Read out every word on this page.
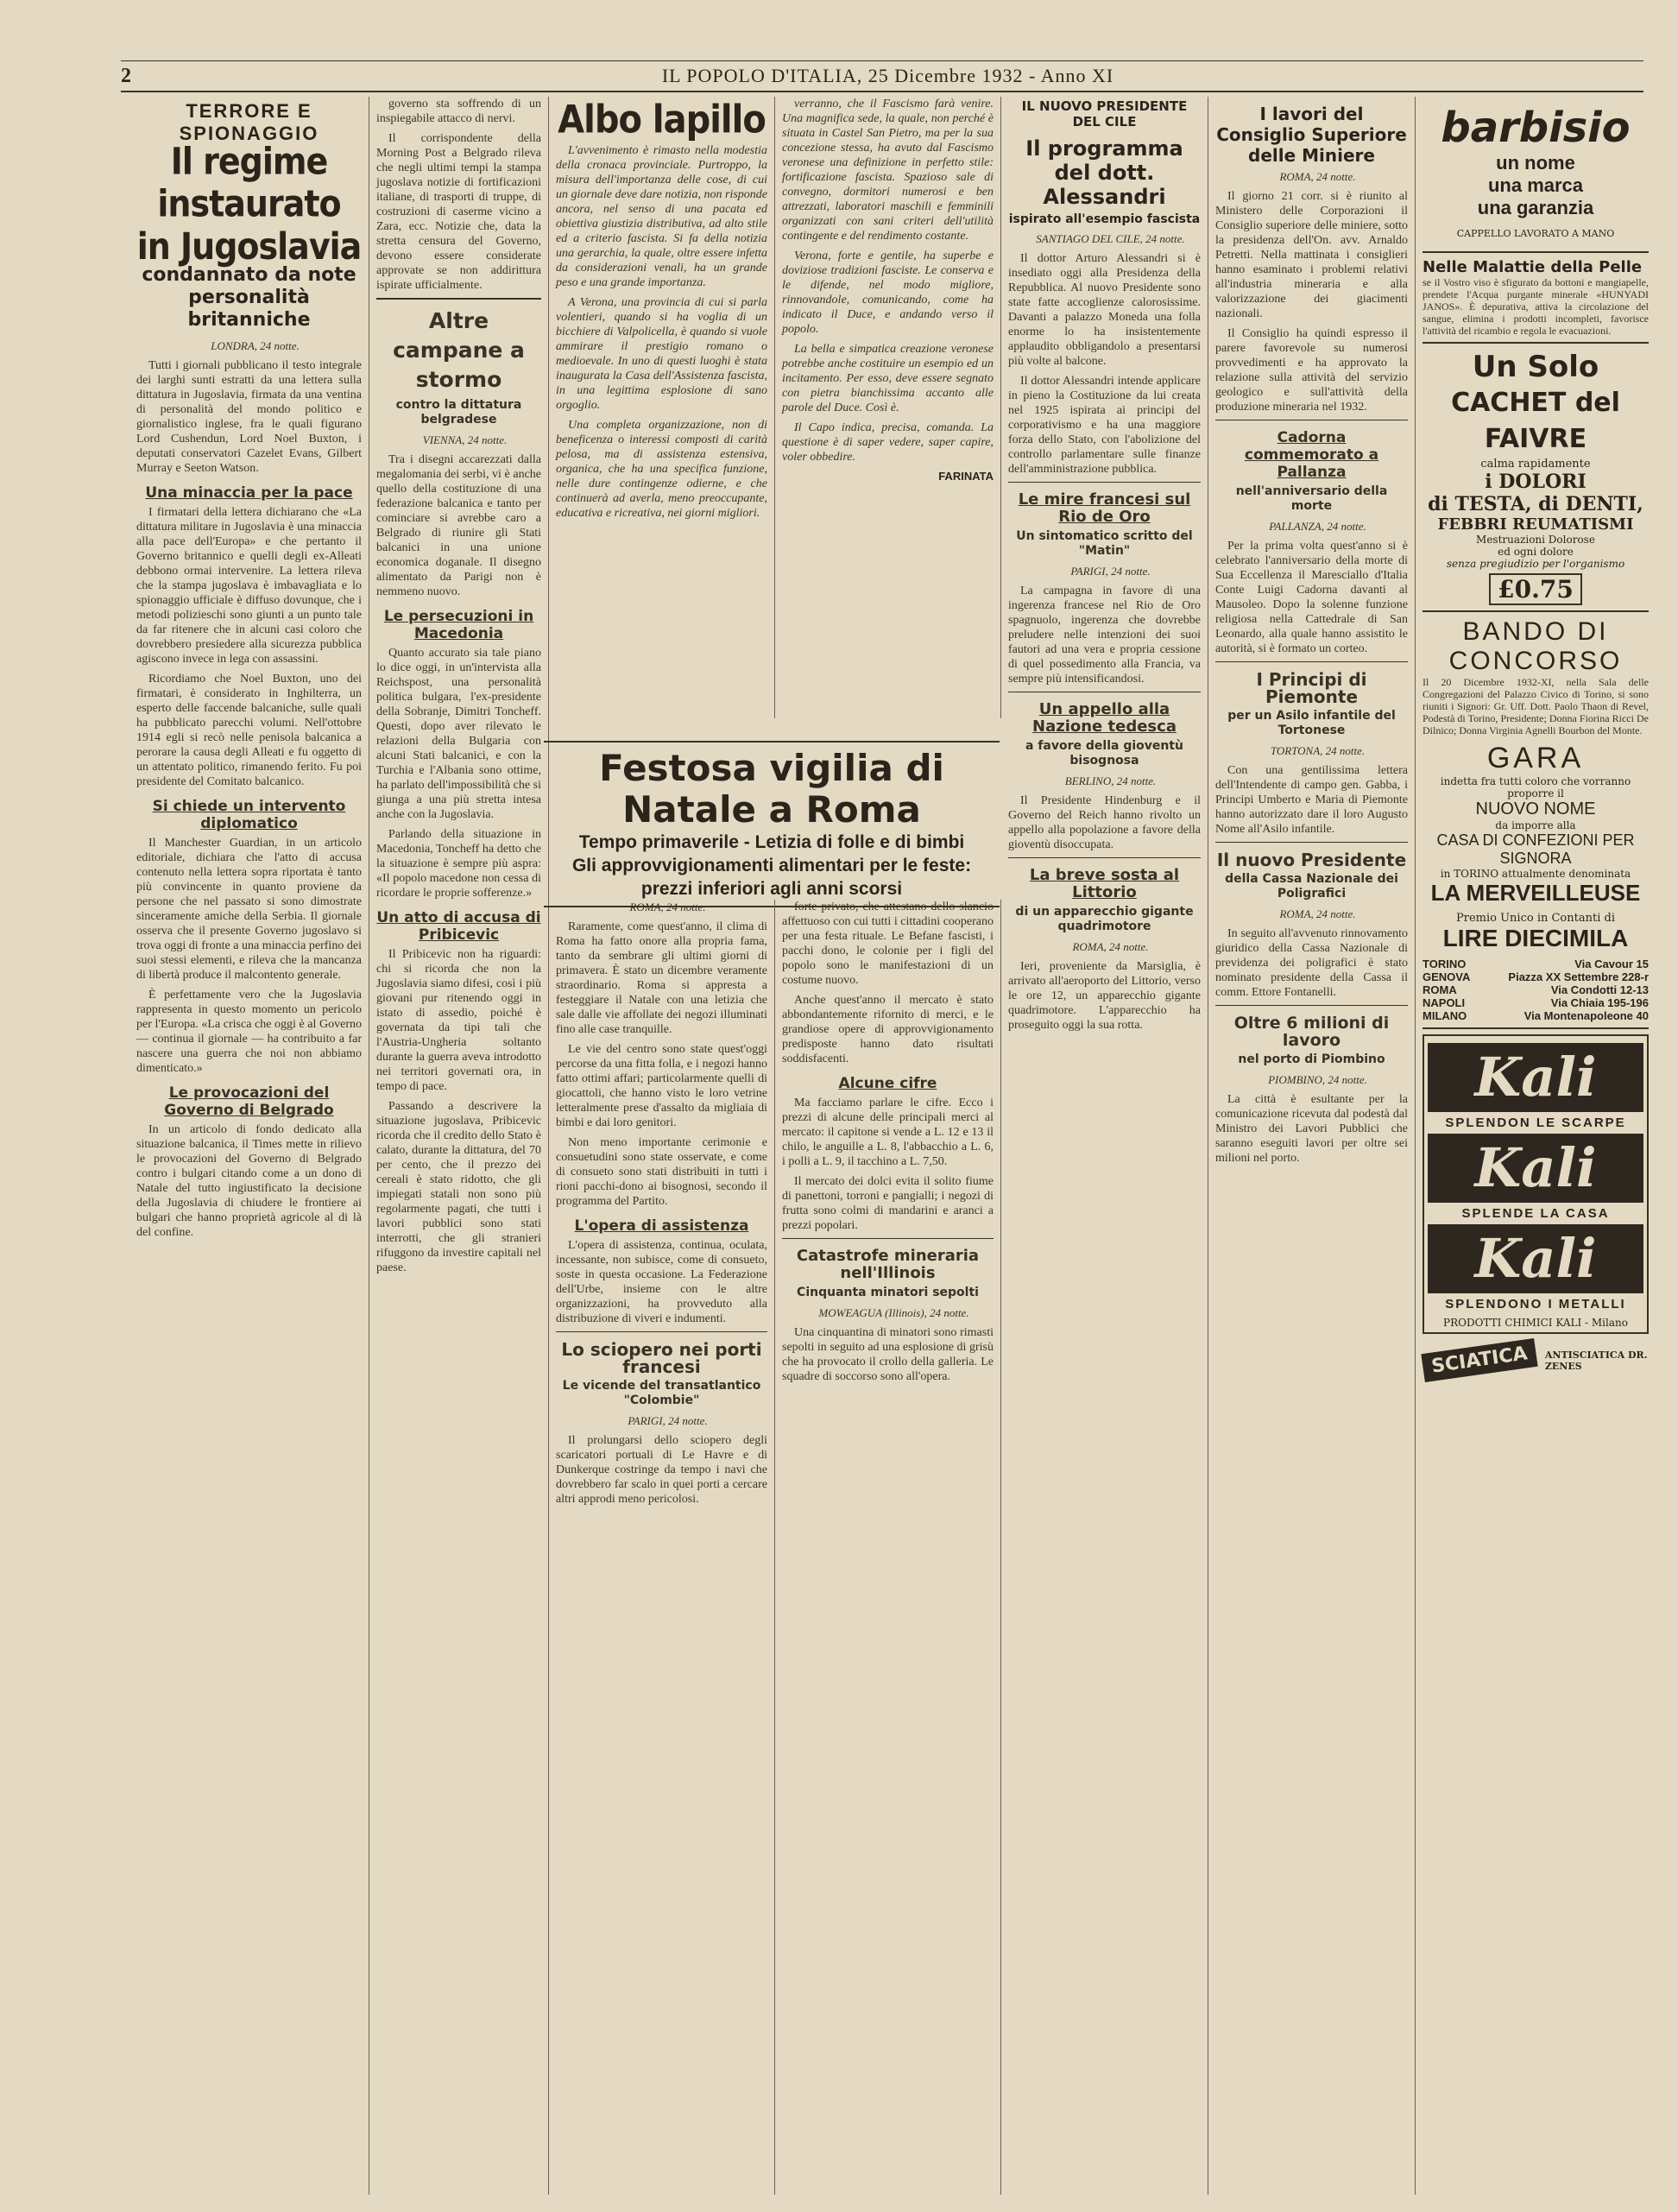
2	IL POPOLO D'ITALIA, 25 Dicembre 1932 - Anno XI
TERRORE E SPIONAGGIO
Il regime instaurato in Jugoslavia
condannato da note personalità britanniche

LONDRA, 24 notte.

Tutti i giornali pubblicano il testo integrale dei larghi sunti estratti da una lettera sulla dittatura in Jugoslavia, firmata da una ventina di personalità del mondo politico e giornalistico inglese, fra le quali figurano Lord Cushendun, Lord Noel Buxton, i deputati conservatori Cazelet Evans, Gilbert Murray e Seeton Watson.

Una minaccia per la pace

I firmatari della lettera dichiarano che «La dittatura militare in Jugoslavia è una minaccia alla pace dell'Europa» e che pertanto il Governo britannico e quelli degli ex-Alleati debbono ormai intervenire. La lettera rileva che la stampa jugoslava è imbavagliata e lo spionaggio ufficiale è diffuso dovunque, che i metodi polizieschi sono giunti a un punto tale da far ritenere che in alcuni casi coloro che dovrebbero presiedere alla sicurezza pubblica agiscono invece in lega con assassini.

Ricordiamo che Noel Buxton, uno dei firmatari, è considerato in Inghilterra, un esperto delle faccende balcaniche, sulle quali ha pubblicato parecchi volumi. Nell'ottobre 1914 egli si recò nelle penisola balcanica a perorare la causa degli Alleati e fu oggetto di un attentato politico, rimanendo ferito. Fu poi presidente del Comitato balcanico.

Si chiede un intervento diplomatico

Il Manchester Guardian, in un articolo editoriale, dichiara che l'atto di accusa contenuto nella lettera sopra riportata è tanto più convincente in quanto proviene da persone che nel passato si sono dimostrate sinceramente amiche della Serbia. Il giornale osserva che il presente Governo jugoslavo si trova oggi di fronte a una minaccia perfino dei suoi stessi elementi, e rileva che la mancanza di libertà produce il malcontento generale.

È perfettamente vero che la Jugoslavia rappresenta in questo momento un pericolo per l'Europa. «La crisca che oggi è al Governo — continua il giornale — ha contribuito a far nascere una guerra che noi non abbiamo dimenticato.»

Le provocazioni del Governo di Belgrado

In un articolo di fondo dedicato alla situazione balcanica, il Times mette in rilievo le provocazioni del Governo di Belgrado contro i bulgari citando come a un dono di Natale del tutto ingiustificato la decisione della Jugoslavia di chiudere le frontiere ai bulgari che hanno proprietà agricole al di là del confine.

governo sta soffrendo di un inspiegabile attacco di nervi.

Il corrispondente della Morning Post a Belgrado rileva che negli ultimi tempi la stampa jugoslava notizie di fortificazioni italiane, di trasporti di truppe, di costruzioni di caserme vicino a Zara, ecc. Notizie che, data la stretta censura del Governo, devono essere considerate approvate se non addirittura ispirate ufficialmente.

Altre campane a stormo
contro la dittatura belgradese

VIENNA, 24 notte.

Tra i disegni accarezzati dalla megalomania dei serbi, vi è anche quello della costituzione di una federazione balcanica e tanto per cominciare si avrebbe caro a Belgrado di riunire gli Stati balcanici in una unione economica doganale. Il disegno alimentato da Parigi non è nemmeno nuovo.

Le persecuzioni in Macedonia

Quanto accurato sia tale piano lo dice oggi, in un'intervista alla Reichspost, una personalità politica bulgara, l'ex-presidente della Sobranje, Dimitri Toncheff. Questi, dopo aver rilevato le relazioni della Bulgaria con alcuni Stati balcanici, e con la Turchia e l'Albania sono ottime, ha parlato dell'impossibilità che si giunga a una più stretta intesa anche con la Jugoslavia.

Parlando della situazione in Macedonia, Toncheff ha detto che la situazione è sempre più aspra: «Il popolo macedone non cessa di ricordare le proprie sofferenze.»

Un atto di accusa di Pribicevic

Il Pribicevic non ha riguardi: chi si ricorda che non la Jugoslavia siamo difesi, così i più giovani pur ritenendo oggi in istato di assedio, poiché è governata da tipi tali che l'Austria-Ungheria soltanto durante la guerra aveva introdotto nei territori governati ora, in tempo di pace.

Passando a descrivere la situazione jugoslava, Pribicevic ricorda che il credito dello Stato è calato, durante la dittatura, del 70 per cento, che il prezzo dei cereali è stato ridotto, che gli impiegati statali non sono più regolarmente pagati, che tutti i lavori pubblici sono stati interrotti, che gli stranieri rifuggono da investire capitali nel paese.

Albo lapillo

L'avvenimento è rimasto nella modestia della cronaca provinciale. Purtroppo, la misura dell'importanza delle cose, di cui un giornale deve dare notizia, non risponde ancora, nel senso di una pacata ed obiettiva giustizia distributiva, ad alto stile ed a criterio fascista. Si fa della notizia una gerarchia, la quale, oltre essere infetta da considerazioni venali, ha un grande peso e una grande importanza.

A Verona, una provincia di cui si parla volentieri, quando si ha voglia di un bicchiere di Valpolicella, è quando si vuole ammirare il prestigio romano o medioevale. In uno di questi luoghi è stata inaugurata la Casa dell'Assistenza fascista, in una legittima esplosione di sano orgoglio.

Una completa organizzazione, non di beneficenza o interessi composti di carità pelosa, ma di assistenza estensiva, organica, che ha una specifica funzione, nelle dure contingenze odierne, e che continuerà ad averla, meno preoccupante, educativa e ricreativa, nei giorni migliori.

verranno, che il Fascismo farà venire. Una magnifica sede, la quale, non perché è situata in Castel San Pietro, ma per la sua concezione stessa, ha avuto dal Fascismo veronese una definizione in perfetto stile: fortificazione fascista. Spazioso sale di convegno, dormitori numerosi e ben attrezzati, laboratori maschili e femminili organizzati con sani criteri dell'utilità contingente e del rendimento costante.

Verona, forte e gentile, ha superbe e doviziose tradizioni fasciste. Le conserva e le difende, nel modo migliore, rinnovandole, comunicando, come ha indicato il Duce, e andando verso il popolo.

La bella e simpatica creazione veronese potrebbe anche costituire un esempio ed un incitamento. Per esso, deve essere segnato con pietra bianchissima accanto alle parole del Duce. Così è.

Il Capo indica, precisa, comanda. La questione è di saper vedere, saper capire, voler obbedire.

FARINATA
Festosa vigilia di Natale a Roma
Tempo primaverile - Letizia di folle e di bimbi
Gli approvvigionamenti alimentari per le feste:
prezzi inferiori agli anni scorsi

ROMA, 24 notte.

Raramente, come quest'anno, il clima di Roma ha fatto onore alla propria fama, tanto da sembrare gli ultimi giorni di primavera. È stato un dicembre veramente straordinario. Roma si appresta a festeggiare il Natale con una letizia che sale dalle vie affollate dei negozi illuminati fino alle case tranquille.

Le vie del centro sono state quest'oggi percorse da una fitta folla, e i negozi hanno fatto ottimi affari; particolarmente quelli di giocattoli, che hanno visto le loro vetrine letteralmente prese d'assalto da migliaia di bimbi e dai loro genitori.

Non meno importante cerimonie e consuetudini sono state osservate, e come di consueto sono stati distribuiti in tutti i rioni pacchi-dono ai bisognosi, secondo il programma del Partito.

L'opera di assistenza

L'opera di assistenza, continua, oculata, incessante, non subisce, come di consueto, soste in questa occasione. La Federazione dell'Urbe, insieme con le altre organizzazioni, ha provveduto alla distribuzione di viveri e indumenti.

Lo sciopero nei porti francesi
Le vicende del transatlantico "Colombie"

PARIGI, 24 notte.

Il prolungarsi dello sciopero degli scaricatori portuali di Le Havre e di Dunkerque costringe da tempo i navi che dovrebbero far scalo in quei porti a cercare altri approdi meno pericolosi.

forte privato, che attestano dello slancio affettuoso con cui tutti i cittadini cooperano per una festa rituale. Le Befane fascisti, i pacchi dono, le colonie per i figli del popolo sono le manifestazioni di un costume nuovo.

Anche quest'anno il mercato è stato abbondantemente rifornito di merci, e le grandiose opere di approvvigionamento predisposte hanno dato risultati soddisfacenti.

Alcune cifre

Ma facciamo parlare le cifre. Ecco i prezzi di alcune delle principali merci al mercato: il capitone si vende a L. 12 e 13 il chilo, le anguille a L. 8, l'abbacchio a L. 6, i polli a L. 9, il tacchino a L. 7,50.

Il mercato dei dolci evita il solito fiume di panettoni, torroni e pangialli; i negozi di frutta sono colmi di mandarini e aranci a prezzi popolari.

Catastrofe mineraria nell'Illinois
Cinquanta minatori sepolti

MOWEAGUA (Illinois), 24 notte.

Una cinquantina di minatori sono rimasti sepolti in seguito ad una esplosione di grisù che ha provocato il crollo della galleria. Le squadre di soccorso sono all'opera.

IL NUOVO PRESIDENTE DEL CILE
Il programma del dott. Alessandri
ispirato all'esempio fascista

SANTIAGO DEL CILE, 24 notte.

Il dottor Arturo Alessandri si è insediato oggi alla Presidenza della Repubblica. Al nuovo Presidente sono state fatte accoglienze calorosissime. Davanti a palazzo Moneda una folla enorme lo ha insistentemente applaudito obbligandolo a presentarsi più volte al balcone.

Il dottor Alessandri intende applicare in pieno la Costituzione da lui creata nel 1925 ispirata ai principi del corporativismo e ha una maggiore forza dello Stato, con l'abolizione del controllo parlamentare sulle finanze dell'amministrazione pubblica.

Le mire francesi sul Rio de Oro
Un sintomatico scritto del "Matin"

PARIGI, 24 notte.

La campagna in favore di una ingerenza francese nel Rio de Oro spagnuolo, ingerenza che dovrebbe preludere nelle intenzioni dei suoi fautori ad una vera e propria cessione di quel possedimento alla Francia, va sempre più intensificandosi.

Un appello alla Nazione tedesca
a favore della gioventù bisognosa

BERLINO, 24 notte.

Il Presidente Hindenburg e il Governo del Reich hanno rivolto un appello alla popolazione a favore della gioventù disoccupata.

La breve sosta al Littorio
di un apparecchio gigante quadrimotore

ROMA, 24 notte.

Ieri, proveniente da Marsiglia, è arrivato all'aeroporto del Littorio, verso le ore 12, un apparecchio gigante quadrimotore. L'apparecchio ha proseguito oggi la sua rotta.

I lavori del Consiglio Superiore delle Miniere

ROMA, 24 notte.

Il giorno 21 corr. si è riunito al Ministero delle Corporazioni il Consiglio superiore delle miniere, sotto la presidenza dell'On. avv. Arnaldo Petretti. Nella mattinata i consiglieri hanno esaminato i problemi relativi all'industria mineraria e alla valorizzazione dei giacimenti nazionali.

Il Consiglio ha quindi espresso il parere favorevole su numerosi provvedimenti e ha approvato la relazione sulla attività del servizio geologico e sull'attività della produzione mineraria nel 1932.

Cadorna commemorato a Pallanza
nell'anniversario della morte

PALLANZA, 24 notte.

Per la prima volta quest'anno si è celebrato l'anniversario della morte di Sua Eccellenza il Maresciallo d'Italia Conte Luigi Cadorna davanti al Mausoleo. Dopo la solenne funzione religiosa nella Cattedrale di San Leonardo, alla quale hanno assistito le autorità, si è formato un corteo.

I Principi di Piemonte
per un Asilo infantile del Tortonese

TORTONA, 24 notte.

Con una gentilissima lettera dell'Intendente di campo gen. Gabba, i Principi Umberto e Maria di Piemonte hanno autorizzato dare il loro Augusto Nome all'Asilo infantile.

Il nuovo Presidente
della Cassa Nazionale dei Poligrafici

ROMA, 24 notte.

In seguito all'avvenuto rinnovamento giuridico della Cassa Nazionale di previdenza dei poligrafici è stato nominato presidente della Cassa il comm. Ettore Fontanelli.

Oltre 6 milioni di lavoro
nel porto di Piombino

PIOMBINO, 24 notte.

La città è esultante per la comunicazione ricevuta dal podestà dal Ministro dei Lavori Pubblici che saranno eseguiti lavori per oltre sei milioni nel porto.

barbisio
un nome
una marca
una garanzia
CAPPELLO LAVORATO A MANO
Nelle Malattie della Pelle
se il Vostro viso è sfigurato da bottoni e mangiapelle, prendete l'Acqua purgante minerale «HUNYADI JANOS». È depurativa, attiva la circolazione del sangue, elimina i prodotti incompleti, favorisce l'attività del ricambio e regola le evacuazioni.
Un Solo
CACHET del FAIVRE
calma rapidamente
i DOLORI
di TESTA, di DENTI,
FEBBRI REUMATISMI
Mestruazioni Dolorose
ed ogni dolore
senza pregiudizio per l'organismo
£0.75
BANDO DI CONCORSO
Il 20 Dicembre 1932-XI, nella Sala delle Congregazioni del Palazzo Civico di Torino, si sono riuniti i Signori: Gr. Uff. Dott. Paolo Thaon di Revel, Podestà di Torino, Presidente; Donna Fiorina Ricci De Dilnico; Donna Virginia Agnelli Bourbon del Monte.
GARA
indetta fra tutti coloro che vorranno proporre il
NUOVO NOME
da imporre alla
CASA DI CONFEZIONI PER SIGNORA
in TORINO attualmente denominata
LA MERVEILLEUSE
Premio Unico in Contanti di
LIRE DIECIMILA
TORINO	Via Cavour 15
GENOVA	Piazza XX Settembre 228-r
ROMA	Via Condotti 12-13
NAPOLI	Via Chiaia 195-196
MILANO	Via Montenapoleone 40
Kali
SPLENDON LE SCARPE
Kali
SPLENDE LA CASA
Kali
SPLENDONO I METALLI
PRODOTTI CHIMICI KALI - Milano
SCIATICA	ANTISCIATICA DR. ZENES
